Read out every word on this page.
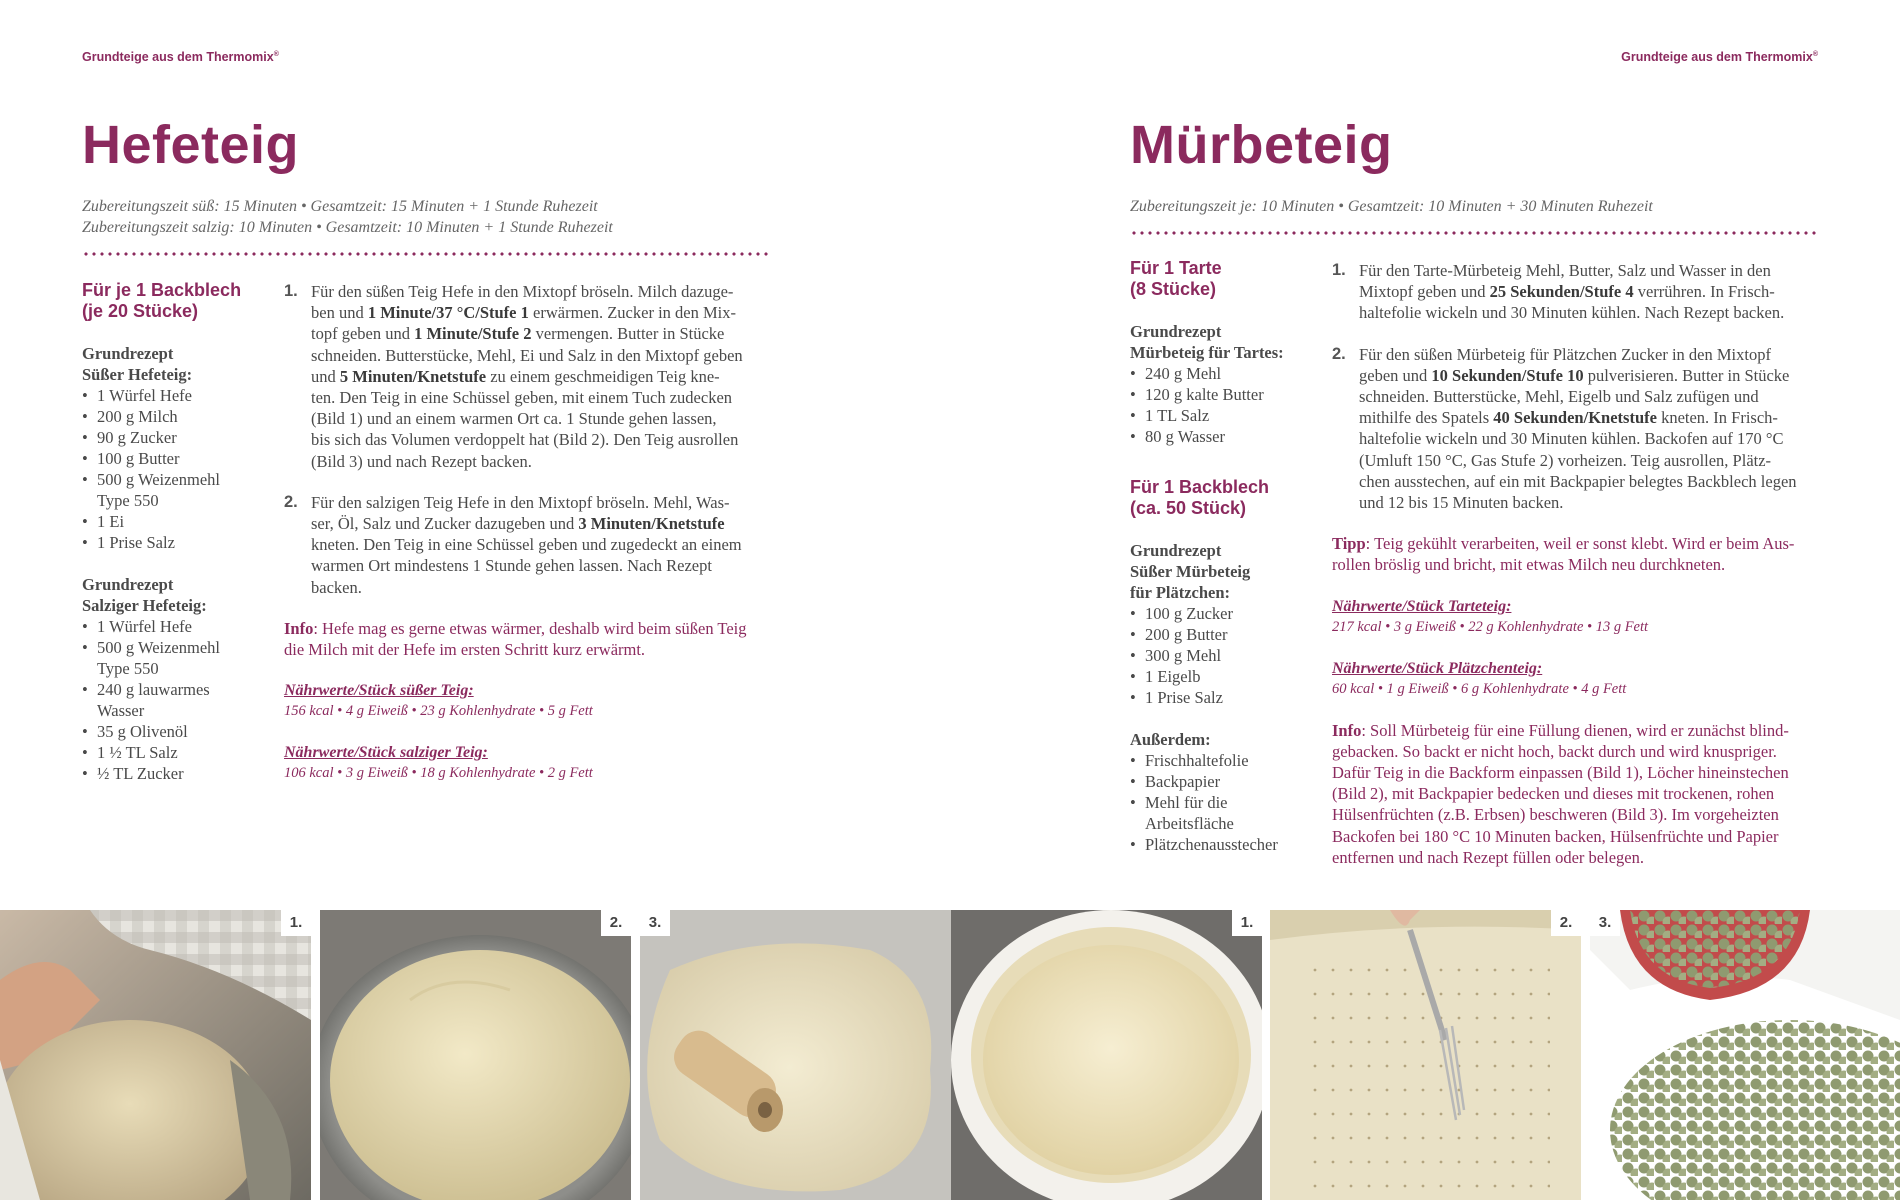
Grundteige aus dem Thermomix®	Grundteige aus dem Thermomix®
Hefeteig
Zubereitungszeit süß: 15 Minuten • Gesamtzeit: 15 Minuten + 1 Stunde Ruhezeit
Zubereitungszeit salzig: 10 Minuten • Gesamtzeit: 10 Minuten + 1 Stunde Ruhezeit
Für je 1 Backblech
(je 20 Stücke)
Grundrezept
Süßer Hefeteig:
• 1 Würfel Hefe
• 200 g Milch
• 90 g Zucker
• 100 g Butter
• 500 g Weizenmehl
Type 550
• 1 Ei
• 1 Prise Salz
Grundrezept
Salziger Hefeteig:
• 1 Würfel Hefe
• 500 g Weizenmehl
Type 550
• 240 g lauwarmes
Wasser
• 35 g Olivenöl
• 1 ½ TL Salz
• ½ TL Zucker
1. Für den süßen Teig Hefe in den Mixtopf bröseln. Milch dazuge-
ben und 1 Minute/37 °C/Stufe 1 erwärmen. Zucker in den Mix-
topf geben und 1 Minute/Stufe 2 vermengen. Butter in Stücke
schneiden. Butterstücke, Mehl, Ei und Salz in den Mixtopf geben
und 5 Minuten/Knetstufe zu einem geschmeidigen Teig kne-
ten. Den Teig in eine Schüssel geben, mit einem Tuch zudecken
(Bild 1) und an einem warmen Ort ca. 1 Stunde gehen lassen,
bis sich das Volumen verdoppelt hat (Bild 2). Den Teig ausrollen
(Bild 3) und nach Rezept backen.
2. Für den salzigen Teig Hefe in den Mixtopf bröseln. Mehl, Was-
ser, Öl, Salz und Zucker dazugeben und 3 Minuten/Knetstufe
kneten. Den Teig in eine Schüssel geben und zugedeckt an einem
warmen Ort mindestens 1 Stunde gehen lassen. Nach Rezept
backen.
Info: Hefe mag es gerne etwas wärmer, deshalb wird beim süßen Teig
die Milch mit der Hefe im ersten Schritt kurz erwärmt.
Nährwerte/Stück süßer Teig:
156 kcal • 4 g Eiweiß • 23 g Kohlenhydrate • 5 g Fett
Nährwerte/Stück salziger Teig:
106 kcal • 3 g Eiweiß • 18 g Kohlenhydrate • 2 g Fett
Mürbeteig
Zubereitungszeit je: 10 Minuten • Gesamtzeit: 10 Minuten + 30 Minuten Ruhezeit
Für 1 Tarte
(8 Stücke)
Grundrezept
Mürbeteig für Tartes:
• 240 g Mehl
• 120 g kalte Butter
• 1 TL Salz
• 80 g Wasser
Für 1 Backblech
(ca. 50 Stück)
Grundrezept
Süßer Mürbeteig
für Plätzchen:
• 100 g Zucker
• 200 g Butter
• 300 g Mehl
• 1 Eigelb
• 1 Prise Salz
Außerdem:
• Frischhaltefolie
• Backpapier
• Mehl für die
Arbeitsfläche
• Plätzchenausstecher
1. Für den Tarte-Mürbeteig Mehl, Butter, Salz und Wasser in den
Mixtopf geben und 25 Sekunden/Stufe 4 verrühren. In Frisch-
haltefolie wickeln und 30 Minuten kühlen. Nach Rezept backen.
2. Für den süßen Mürbeteig für Plätzchen Zucker in den Mixtopf
geben und 10 Sekunden/Stufe 10 pulverisieren. Butter in Stücke
schneiden. Butterstücke, Mehl, Eigelb und Salz zufügen und
mithilfe des Spatels 40 Sekunden/Knetstufe kneten. In Frisch-
haltefolie wickeln und 30 Minuten kühlen. Backofen auf 170 °C
(Umluft 150 °C, Gas Stufe 2) vorheizen. Teig ausrollen, Plätz-
chen ausstechen, auf ein mit Backpapier belegtes Backblech legen
und 12 bis 15 Minuten backen.
Tipp: Teig gekühlt verarbeiten, weil er sonst klebt. Wird er beim Aus-
rollen bröslig und bricht, mit etwas Milch neu durchkneten.
Nährwerte/Stück Tarteteig:
217 kcal • 3 g Eiweiß • 22 g Kohlenhydrate • 13 g Fett
Nährwerte/Stück Plätzchenteig:
60 kcal • 1 g Eiweiß • 6 g Kohlenhydrate • 4 g Fett
Info: Soll Mürbeteig für eine Füllung dienen, wird er zunächst blind-
gebacken. So backt er nicht hoch, backt durch und wird knuspriger.
Dafür Teig in die Backform einpassen (Bild 1), Löcher hineinstechen
(Bild 2), mit Backpapier bedecken und dieses mit trockenen, rohen
Hülsenfrüchten (z.B. Erbsen) beschweren (Bild 3). Im vorgeheizten
Backofen bei 180 °C 10 Minuten backen, Hülsenfrüchte und Papier
entfernen und nach Rezept füllen oder belegen.
1.	2.	3.	1.	2.	3.
